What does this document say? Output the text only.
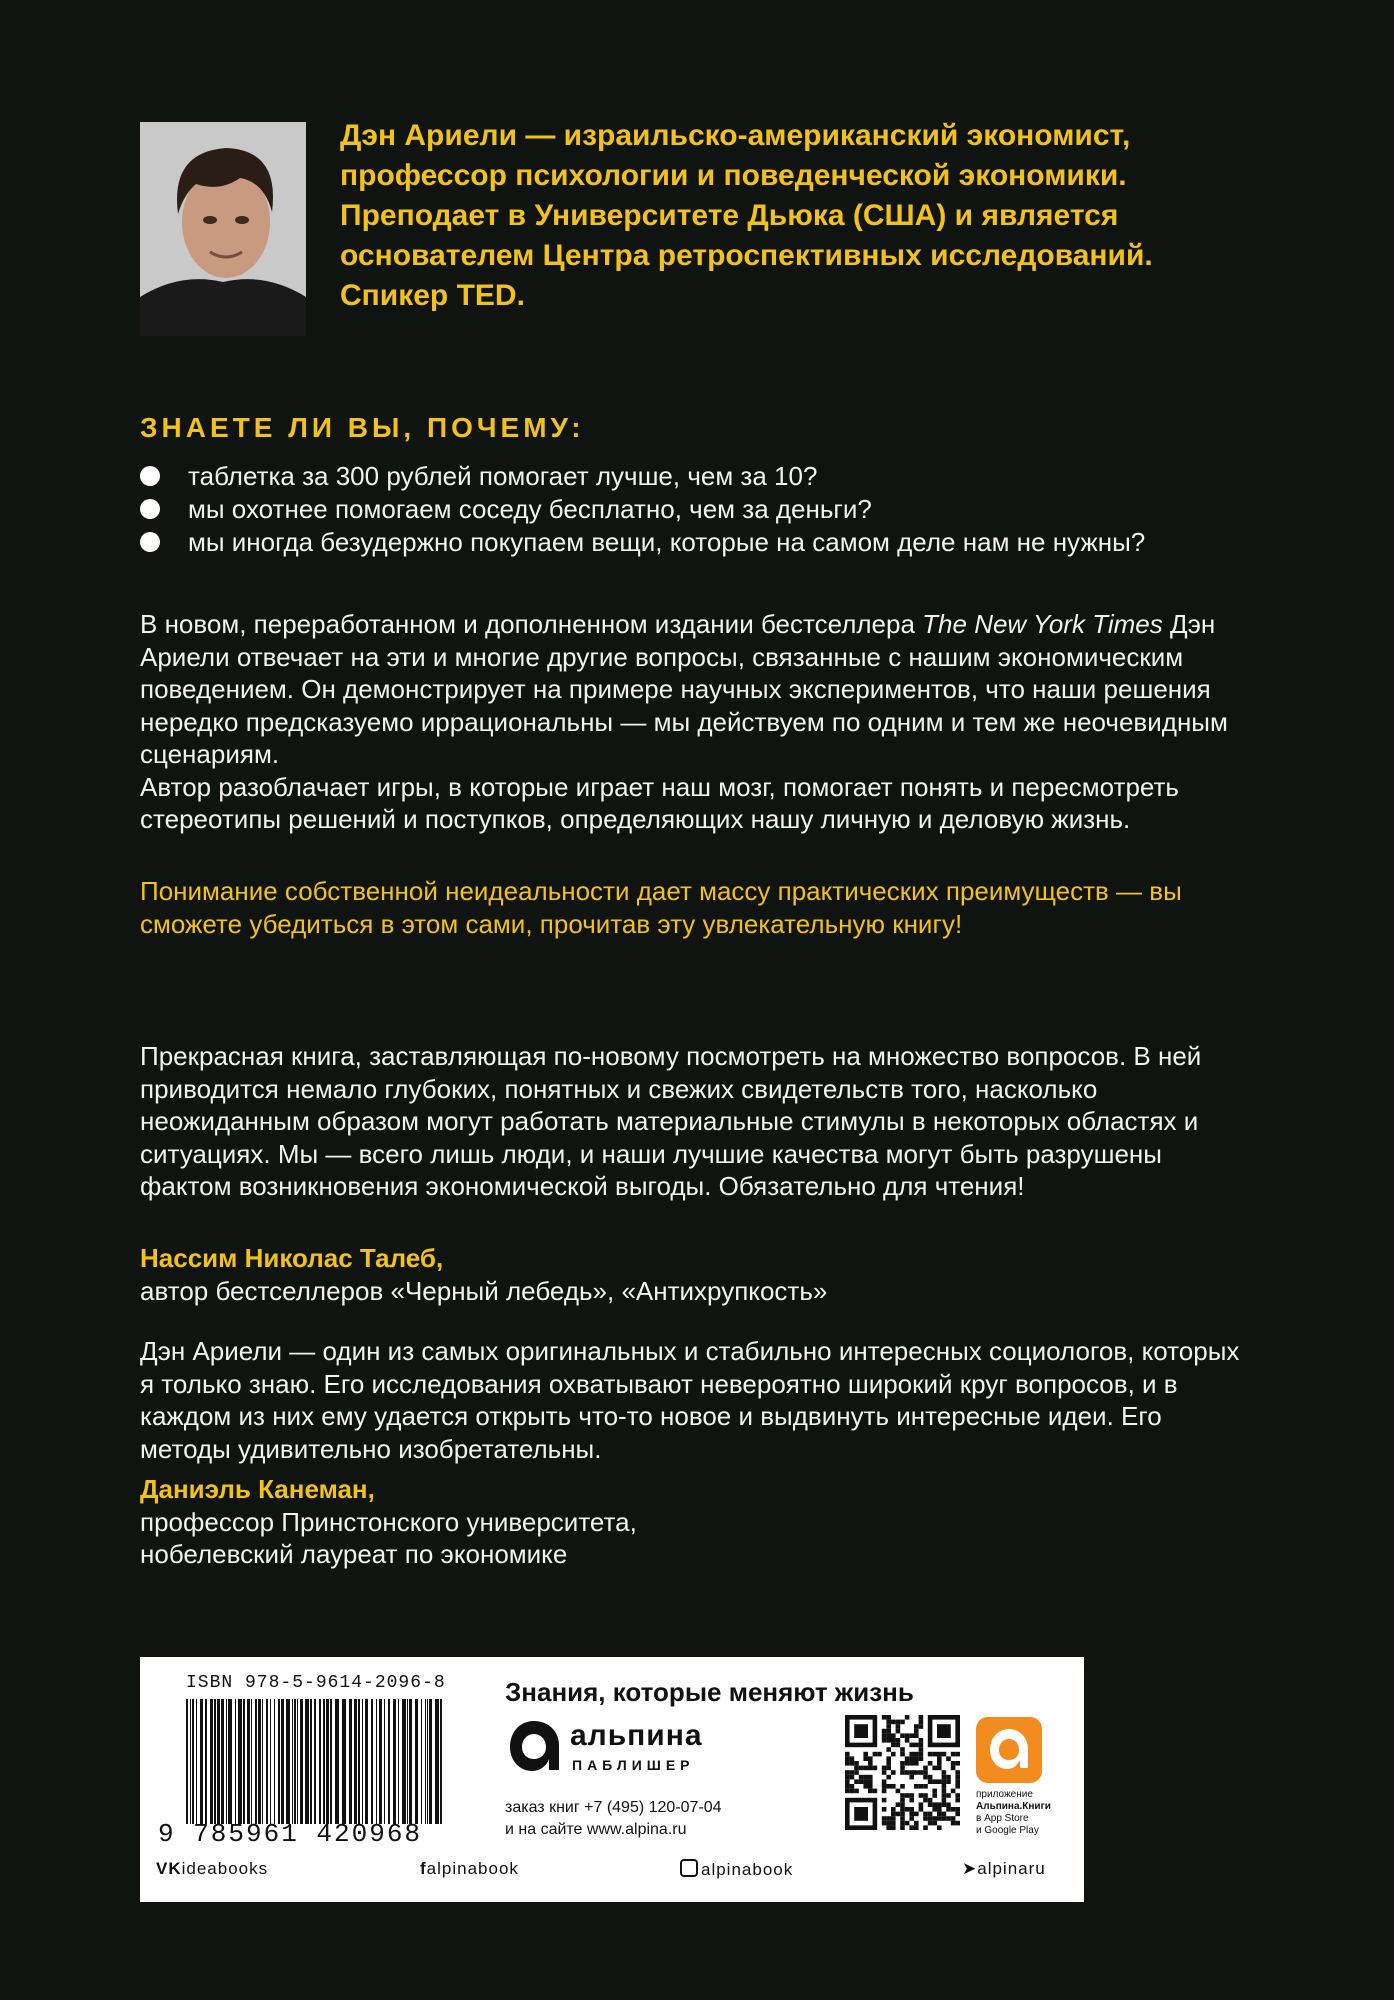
Дэн Ариели — израильско-американский экономист, профессор психологии и поведенческой экономики. Преподает в Университете Дьюка (США) и является основателем Центра ретроспективных исследований. Спикер TED.

ЗНАЕТЕ ЛИ ВЫ, ПОЧЕМУ:
таблетка за 300 рублей помогает лучше, чем за 10?
мы охотнее помогаем соседу бесплатно, чем за деньги?
мы иногда безудержно покупаем вещи, которые на самом деле нам не нужны?

В новом, переработанном и дополненном издании бестселлера The New York Times Дэн Ариели отвечает на эти и многие другие вопросы, связанные с нашим экономическим поведением. Он демонстрирует на примере научных экспериментов, что наши решения нередко предсказуемо иррациональны — мы действуем по одним и тем же неочевидным сценариям.
Автор разоблачает игры, в которые играет наш мозг, помогает понять и пересмотреть стереотипы решений и поступков, определяющих нашу личную и деловую жизнь.

Понимание собственной неидеальности дает массу практических преимуществ — вы сможете убедиться в этом сами, прочитав эту увлекательную книгу!

Прекрасная книга, заставляющая по-новому посмотреть на множество вопросов. В ней приводится немало глубоких, понятных и свежих свидетельств того, насколько неожиданным образом могут работать материальные стимулы в некоторых областях и ситуациях. Мы — всего лишь люди, и наши лучшие качества могут быть разрушены фактом возникновения экономической выгоды. Обязательно для чтения!

Нассим Николас Талеб,
автор бестселлеров «Черный лебедь», «Антихрупкость»

Дэн Ариели — один из самых оригинальных и стабильно интересных социологов, которых я только знаю. Его исследования охватывают невероятно широкий круг вопросов, и в каждом из них ему удается открыть что-то новое и выдвинуть интересные идеи. Его методы удивительно изобретательны.

Даниэль Канеман,
профессор Принстонского университета,
нобелевский лауреат по экономике

ISBN 978-5-9614-2096-8
9 785961 420968
Знания, которые меняют жизнь
альпина
ПАБЛИШЕР
заказ книг +7 (495) 120-07-04
и на сайте www.alpina.ru
приложение
Альпина.Книги
в App Store
и Google Play
VKideabooks	falpinabook	alpinabook	➤alpinaru
